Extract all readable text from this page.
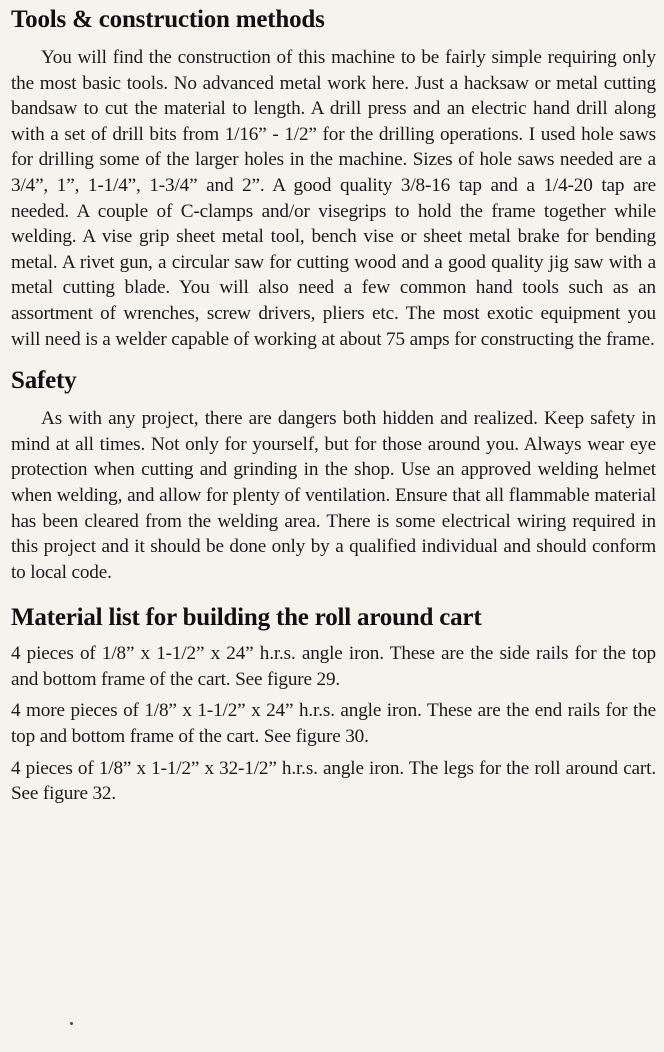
Tools & construction methods

You will find the construction of this machine to be fairly simple requiring only the most basic tools. No advanced metal work here. Just a hacksaw or metal cutting bandsaw to cut the material to length. A drill press and an electric hand drill along with a set of drill bits from 1/16” - 1/2” for the drilling operations. I used hole saws for drilling some of the larger holes in the machine. Sizes of hole saws needed are a 3/4”, 1”, 1-1/4”, 1-3/4” and 2”. A good quality 3/8-16 tap and a 1/4-20 tap are needed. A couple of C-clamps and/or visegrips to hold the frame together while welding. A vise grip sheet metal tool, bench vise or sheet metal brake for bending metal. A rivet gun, a circular saw for cutting wood and a good quality jig saw with a metal cutting blade. You will also need a few common hand tools such as an assortment of wrenches, screw drivers, pliers etc. The most exotic equipment you will need is a welder capable of working at about 75 amps for constructing the frame.

Safety

As with any project, there are dangers both hidden and realized. Keep safety in mind at all times. Not only for yourself, but for those around you. Always wear eye protection when cutting and grinding in the shop. Use an approved welding helmet when welding, and allow for plenty of ventilation. Ensure that all flammable material has been cleared from the welding area. There is some electrical wiring required in this project and it should be done only by a qualified individual and should conform to local code.

Material list for building the roll around cart

4 pieces of 1/8” x 1-1/2” x 24” h.r.s. angle iron. These are the side rails for the top and bottom frame of the cart. See figure 29.

4 more pieces of 1/8” x 1-1/2” x 24” h.r.s. angle iron. These are the end rails for the top and bottom frame of the cart. See figure 30.

4 pieces of 1/8” x 1-1/2” x 32-1/2” h.r.s. angle iron. The legs for the roll around cart. See figure 32.
